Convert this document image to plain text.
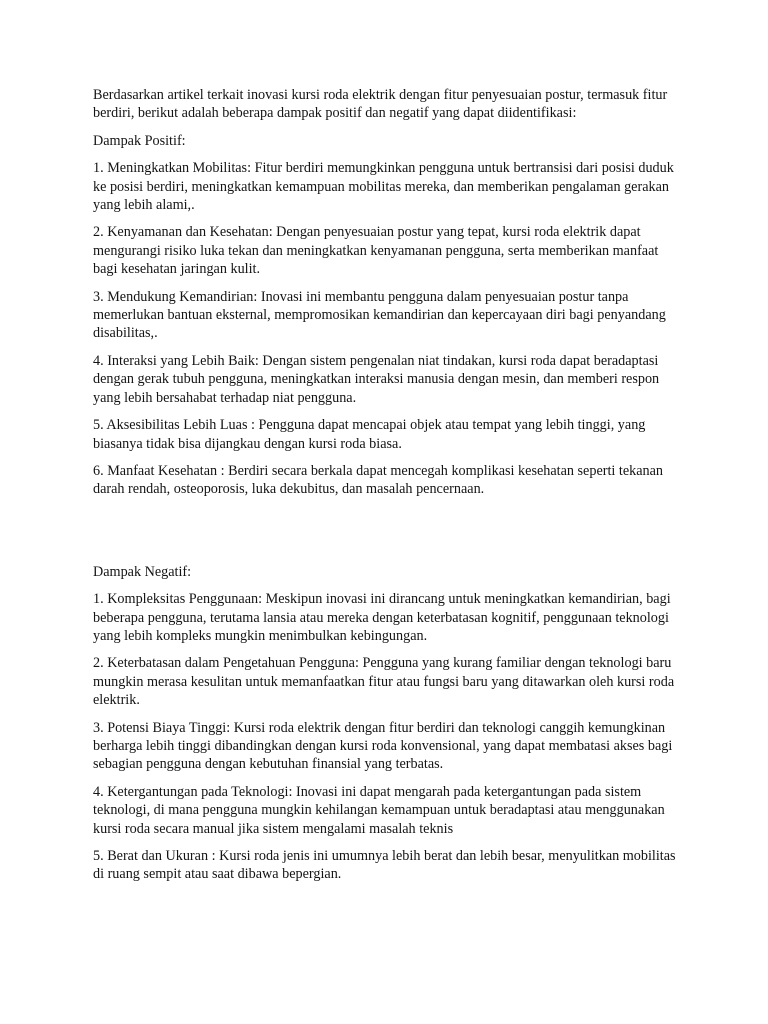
Berdasarkan artikel terkait inovasi kursi roda elektrik dengan fitur penyesuaian postur, termasuk fitur berdiri, berikut adalah beberapa dampak positif dan negatif yang dapat diidentifikasi:

Dampak Positif:

1. Meningkatkan Mobilitas: Fitur berdiri memungkinkan pengguna untuk bertransisi dari posisi duduk ke posisi berdiri, meningkatkan kemampuan mobilitas mereka, dan memberikan pengalaman gerakan yang lebih alami,.
2. Kenyamanan dan Kesehatan: Dengan penyesuaian postur yang tepat, kursi roda elektrik dapat mengurangi risiko luka tekan dan meningkatkan kenyamanan pengguna, serta memberikan manfaat bagi kesehatan jaringan kulit.
3. Mendukung Kemandirian: Inovasi ini membantu pengguna dalam penyesuaian postur tanpa memerlukan bantuan eksternal, mempromosikan kemandirian dan kepercayaan diri bagi penyandang disabilitas,.
4. Interaksi yang Lebih Baik: Dengan sistem pengenalan niat tindakan, kursi roda dapat beradaptasi dengan gerak tubuh pengguna, meningkatkan interaksi manusia dengan mesin, dan memberi respon yang lebih bersahabat terhadap niat pengguna.
5. Aksesibilitas Lebih Luas : Pengguna dapat mencapai objek atau tempat yang lebih tinggi, yang biasanya tidak bisa dijangkau dengan kursi roda biasa.
6. Manfaat Kesehatan : Berdiri secara berkala dapat mencegah komplikasi kesehatan seperti tekanan darah rendah, osteoporosis, luka dekubitus, dan masalah pencernaan.

Dampak Negatif:

1. Kompleksitas Penggunaan: Meskipun inovasi ini dirancang untuk meningkatkan kemandirian, bagi beberapa pengguna, terutama lansia atau mereka dengan keterbatasan kognitif, penggunaan teknologi yang lebih kompleks mungkin menimbulkan kebingungan.
2. Keterbatasan dalam Pengetahuan Pengguna: Pengguna yang kurang familiar dengan teknologi baru mungkin merasa kesulitan untuk memanfaatkan fitur atau fungsi baru yang ditawarkan oleh kursi roda elektrik.
3. Potensi Biaya Tinggi: Kursi roda elektrik dengan fitur berdiri dan teknologi canggih kemungkinan berharga lebih tinggi dibandingkan dengan kursi roda konvensional, yang dapat membatasi akses bagi sebagian pengguna dengan kebutuhan finansial yang terbatas.
4. Ketergantungan pada Teknologi: Inovasi ini dapat mengarah pada ketergantungan pada sistem teknologi, di mana pengguna mungkin kehilangan kemampuan untuk beradaptasi atau menggunakan kursi roda secara manual jika sistem mengalami masalah teknis
5. Berat dan Ukuran : Kursi roda jenis ini umumnya lebih berat dan lebih besar, menyulitkan mobilitas di ruang sempit atau saat dibawa bepergian.
